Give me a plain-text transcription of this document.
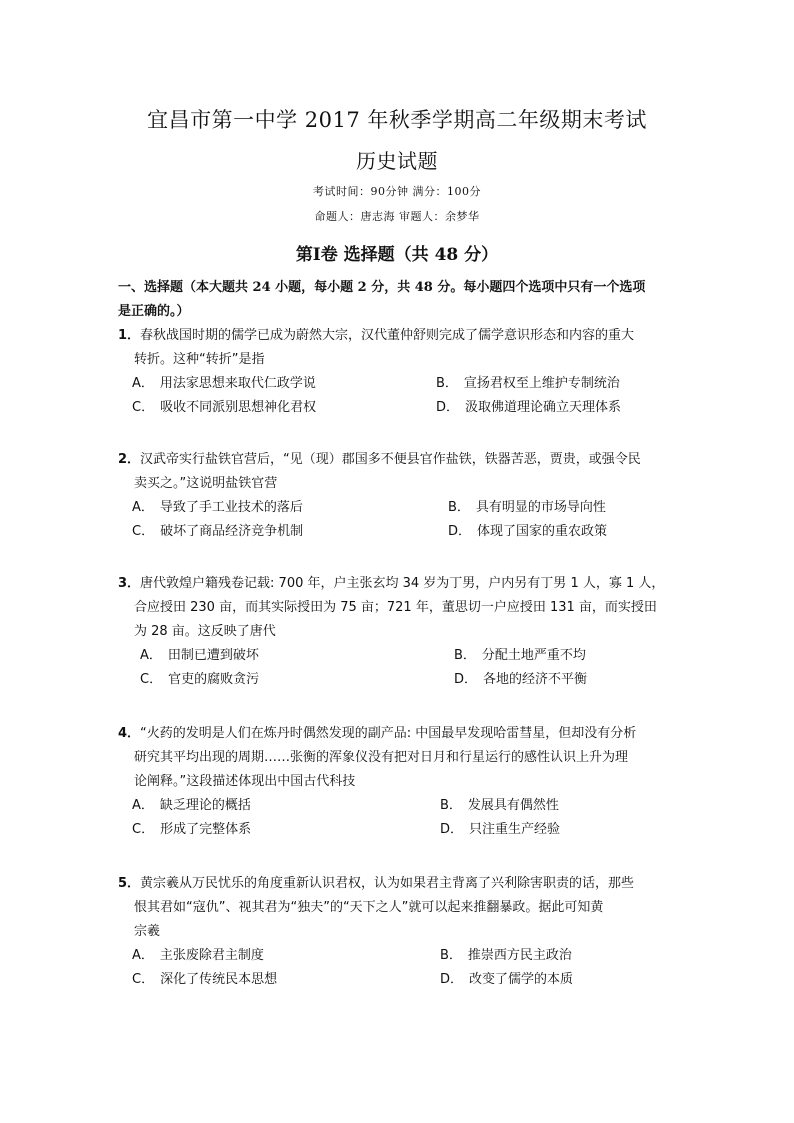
宜昌市第一中学 2017 年秋季学期高二年级期末考试
历史试题
考试时间：90分钟 满分：100分
命题人：唐志海 审题人：余梦华
第Ⅰ卷 选择题（共 48 分）
一、选择题（本大题共 24 小题，每小题 2 分，共 48 分。每小题四个选项中只有一个选项
是正确的。）
1．春秋战国时期的儒学已成为蔚然大宗，汉代董仲舒则完成了儒学意识形态和内容的重大
转折。这种“转折”是指
A． 用法家思想来取代仁政学说	B． 宣扬君权至上维护专制统治
C． 吸收不同派别思想神化君权	D． 汲取佛道理论确立天理体系
2．汉武帝实行盐铁官营后，“见（现）郡国多不便县官作盐铁，铁器苦恶，贾贵，或强令民
卖买之。”这说明盐铁官营
A． 导致了手工业技术的落后	B． 具有明显的市场导向性
C． 破坏了商品经济竞争机制	D． 体现了国家的重农政策
3．唐代敦煌户籍残卷记载: 700 年，户主张玄均 34 岁为丁男，户内另有丁男 1 人，寡 1 人，
合应授田 230 亩，而其实际授田为 75 亩；721 年，董思切一户应授田 131 亩，而实授田
为 28 亩。这反映了唐代
A． 田制已遭到破坏	B． 分配土地严重不均
C． 官吏的腐败贪污	D． 各地的经济不平衡
4．“火药的发明是人们在炼丹时偶然发现的副产品: 中国最早发现哈雷彗星，但却没有分析
研究其平均出现的周期……张衡的浑象仪没有把对日月和行星运行的感性认识上升为理
论阐释。”这段描述体现出中国古代科技
A． 缺乏理论的概括	B． 发展具有偶然性
C． 形成了完整体系	D． 只注重生产经验
5．黄宗羲从万民忧乐的角度重新认识君权，认为如果君主背离了兴利除害职责的话，那些
恨其君如“寇仇”、视其君为“独夫”的“天下之人”就可以起来推翻暴政。据此可知黄
宗羲
A． 主张废除君主制度	B． 推崇西方民主政治
C． 深化了传统民本思想	D． 改变了儒学的本质
